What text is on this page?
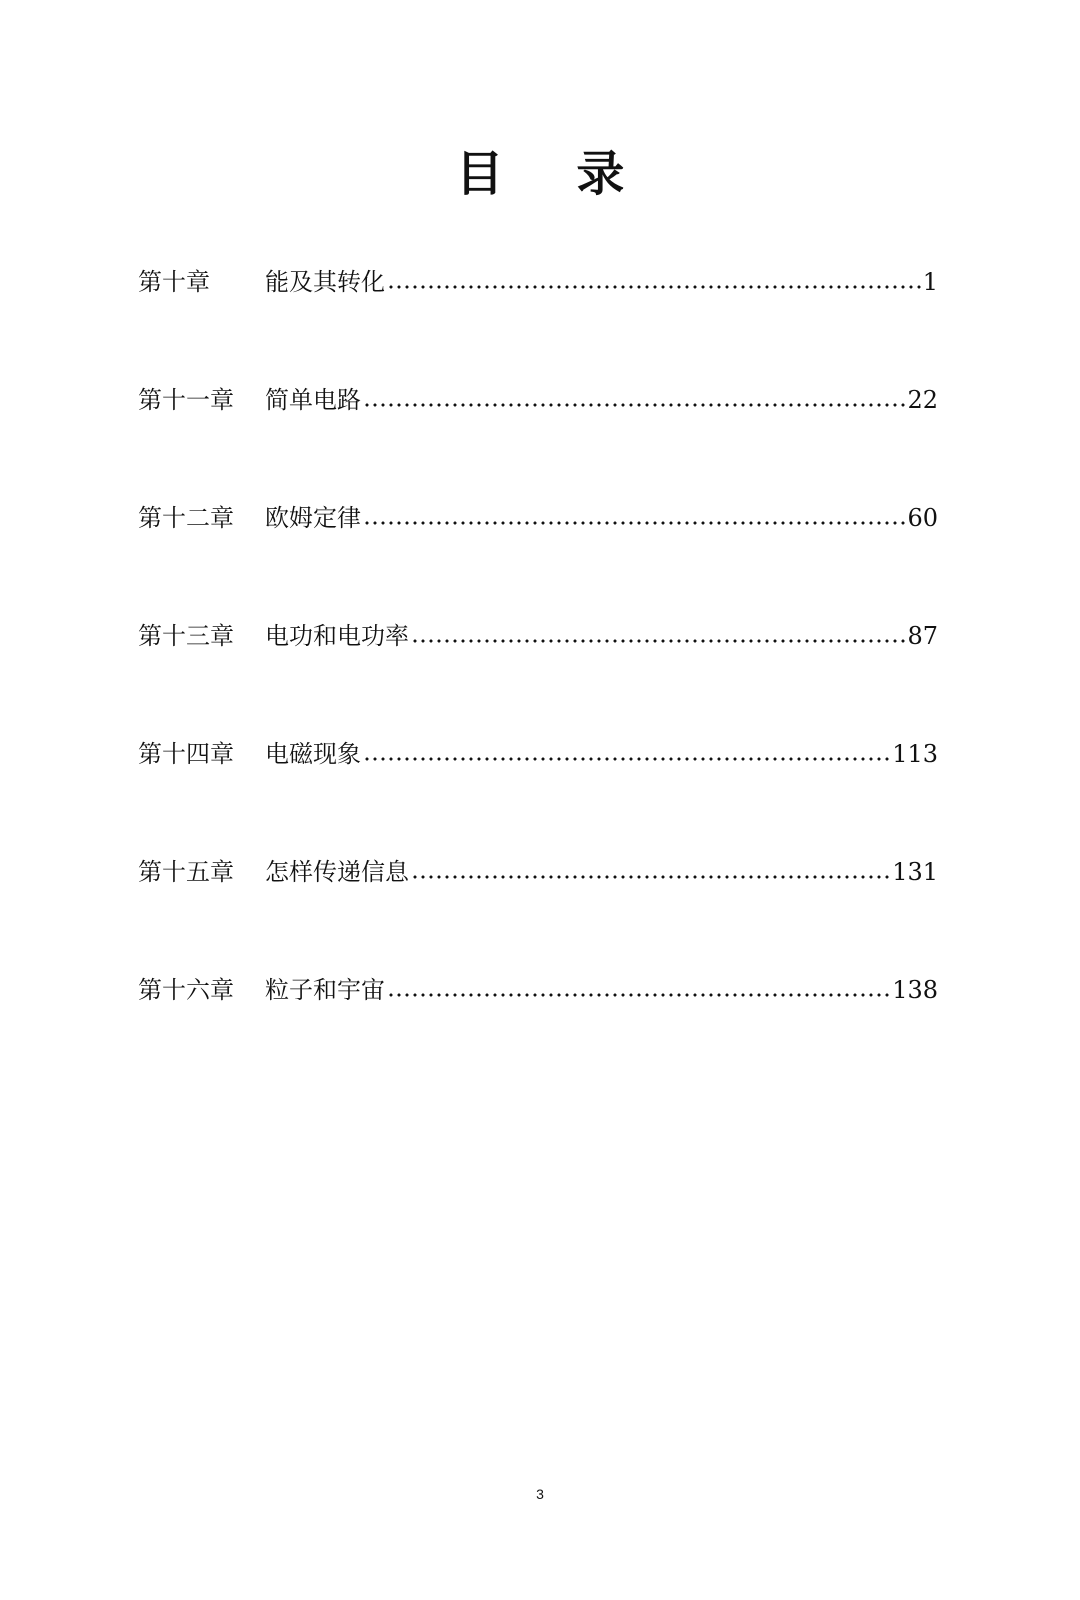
目 录
第十章	能及其转化	1
第十一章	简单电路	22
第十二章	欧姆定律	60
第十三章	电功和电功率	87
第十四章	电磁现象	113
第十五章	怎样传递信息	131
第十六章	粒子和宇宙	138
3
